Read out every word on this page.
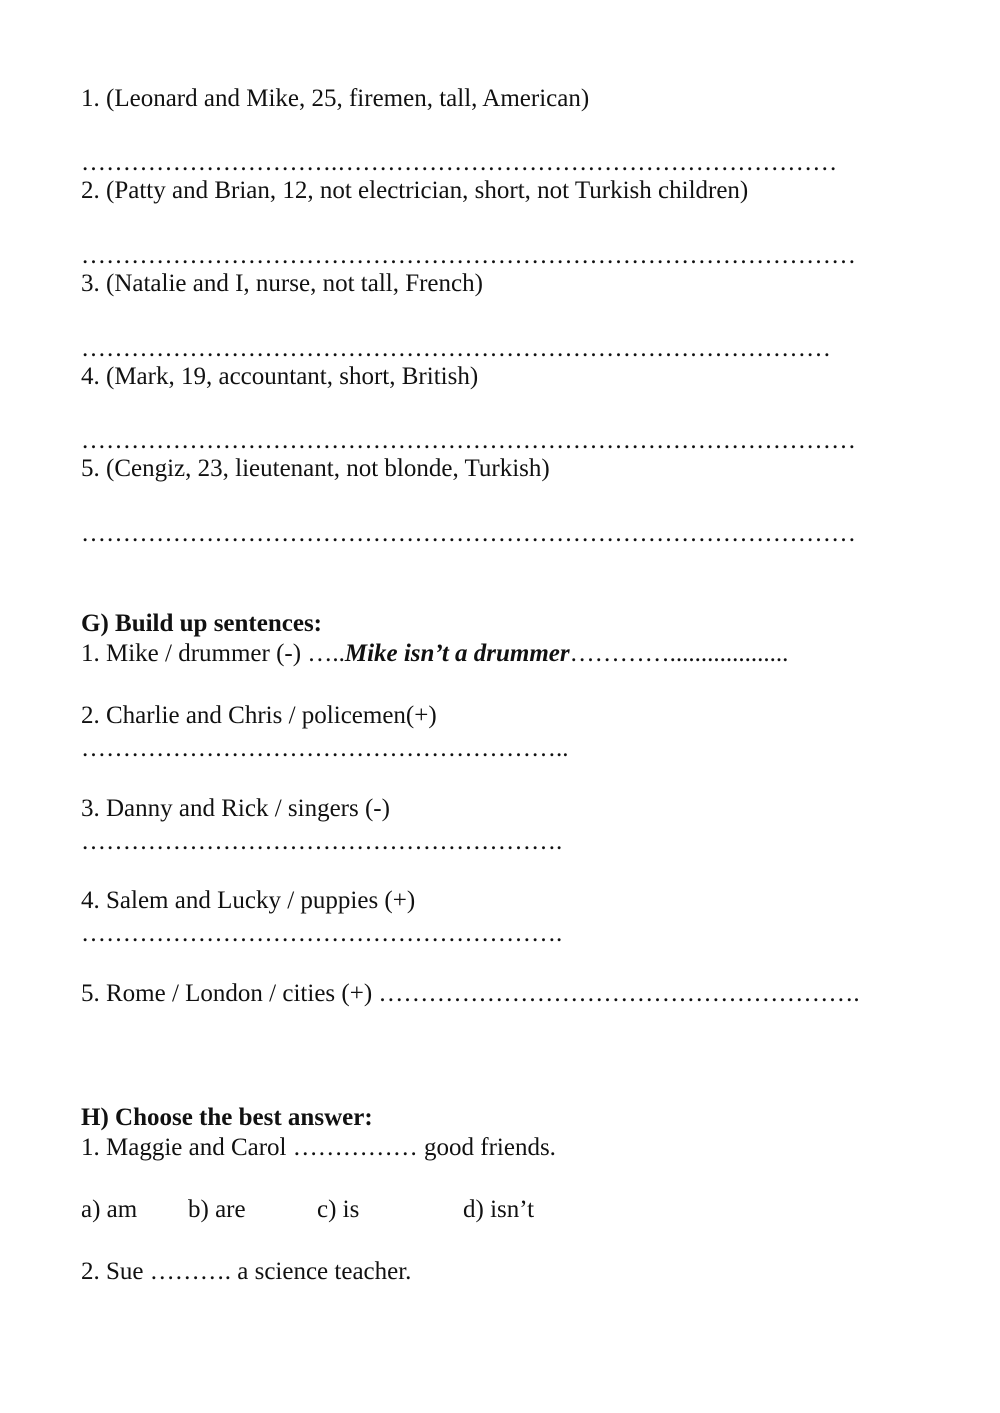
1. (Leonard and Mike, 25, firemen, tall, American)
………………………….……………………………………………………
2. (Patty and Brian, 12, not electrician, short, not Turkish children)
…………………………………………………………………………………
3. (Natalie and I, nurse, not tall, French)
………………………………………………………………………………
4. (Mark, 19, accountant, short, British)
…………………………………………………………………………………
5. (Cengiz, 23, lieutenant, not blonde, Turkish)
…………………………………………………………………………………
G) Build up sentences:
1. Mike / drummer (-) …..Mike isn’t a drummer…………...................
2. Charlie and Chris / policemen(+)
…………………………………………………..
3. Danny and Rick / singers (-)
………………………………………………….
4. Salem and Lucky / puppies (+)
………………………………………………….
5. Rome / London / cities (+) ………………………………………………….
H) Choose the best answer:
1. Maggie and Carol …………… good friends.
a) am b) are	c) is	d) isn’t
2. Sue ………. a science teacher.
